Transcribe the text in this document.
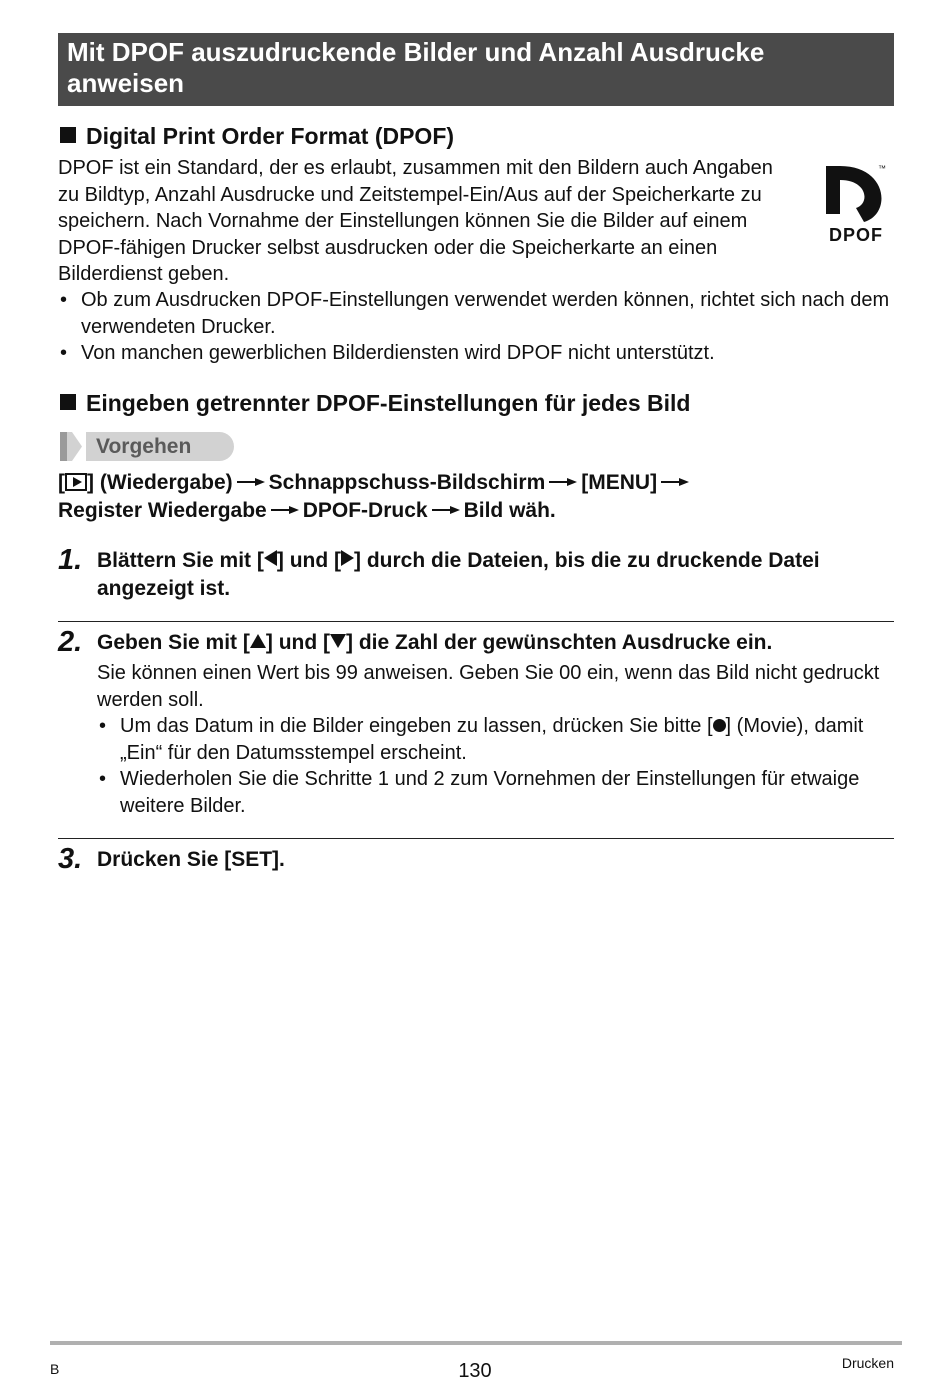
Mit DPOF auszudruckende Bilder und Anzahl Ausdrucke anweisen
Digital Print Order Format (DPOF)

DPOF ist ein Standard, der es erlaubt, zusammen mit den Bildern auch Angaben zu Bildtyp, Anzahl Ausdrucke und Zeitstempel-Ein/Aus auf der Speicherkarte zu speichern. Nach Vornahme der Einstellungen können Sie die Bilder auf einem DPOF-fähigen Drucker selbst ausdrucken oder die Speicherkarte an einen Bilderdienst geben.

• Ob zum Ausdrucken DPOF-Einstellungen verwendet werden können, richtet sich nach dem verwendeten Drucker.
• Von manchen gewerblichen Bilderdiensten wird DPOF nicht unterstützt.
™
DPOF
Eingeben getrennter DPOF-Einstellungen für jedes Bild
Vorgehen
[ ] (Wiedergabe) Schnappschuss-Bildschirm [MENU]
Register Wiedergabe DPOF-Druck Bild wäh.
1. Blättern Sie mit [ ] und [ ] durch die Dateien, bis die zu druckende Datei angezeigt ist.
2. Geben Sie mit [ ] und [ ] die Zahl der gewünschten Ausdrucke ein.

Sie können einen Wert bis 99 anweisen. Geben Sie 00 ein, wenn das Bild nicht gedruckt werden soll.

• Um das Datum in die Bilder eingeben zu lassen, drücken Sie bitte [ ] (Movie), damit „Ein“ für den Datumsstempel erscheint.
• Wiederholen Sie die Schritte 1 und 2 zum Vornehmen der Einstellungen für etwaige weitere Bilder.
3. Drücken Sie [SET].
B	130	Drucken
